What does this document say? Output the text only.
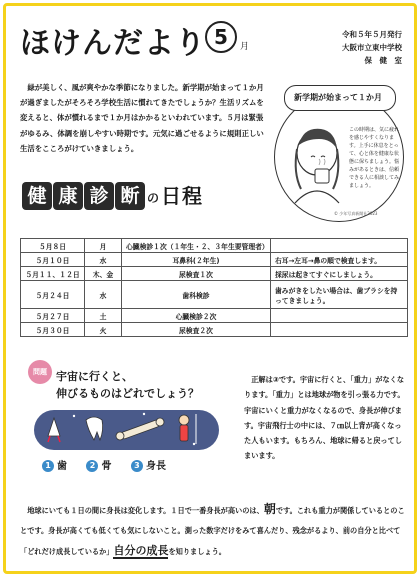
ほけんだより 5	月
令和５年５月発行
大阪市立東中学校
保　健　室
緑が美しく、風が爽やかな季節になりました。新学期が始まって１か月が過ぎましたがそろそろ学校生活に慣れてきたでしょうか？生活リズムを変えると、体が慣れるまで１か月はかかるといわれています。５月は緊張がゆるみ、体調を崩しやすい時期です。元気に過ごせるように規則正しい生活をこころがけていきましょう。
新学期が始まって１か月
この時期は、気に疲れを感じやすくなります。上手に休息をとって、心と体を健康な状態に保ちましょう。悩みがあるときは、信頼できる人に相談してみましょう。
© 少年写真新聞社2023
健 康 診 断 の 日程
５月８日	月	心臓検診１次（１年生・２、３年生要管理者）	
５月１０日	水	耳鼻科(２年生)	右耳→左耳→鼻の順で検査します。
５月１１、１２日	木、金	尿検査１次	採尿は起きてすぐにしましょう。
５月２４日	水	歯科検診	歯みがきをしたい場合は、歯ブラシを持ってきましょう。
５月２７日	土	心臓検診２次	
５月３０日	火	尿検査２次	
問題 宇宙に行くと、
伸びるものはどれでしょう？
1 歯	2 骨	3 身長
正解は③です。宇宙に行くと、「重力」がなくなります。「重力」とは地球が物を引っ張る力です。宇宙にいくと重力がなくなるので、身長が伸びます。宇宙飛行士の中には、７㎝以上背が高くなった人もいます。もちろん、地球に帰ると戻ってしまいます。
地球にいても１日の間に身長は変化します。１日で一番身長が高いのは、朝です。これも重力が関係しているとのことです。身長が高くても低くても気にしないこと。測った数字だけをみて喜んだり、残念がるより、前の自分と比べて「どれだけ成長しているか」自分の成長を知りましょう。
